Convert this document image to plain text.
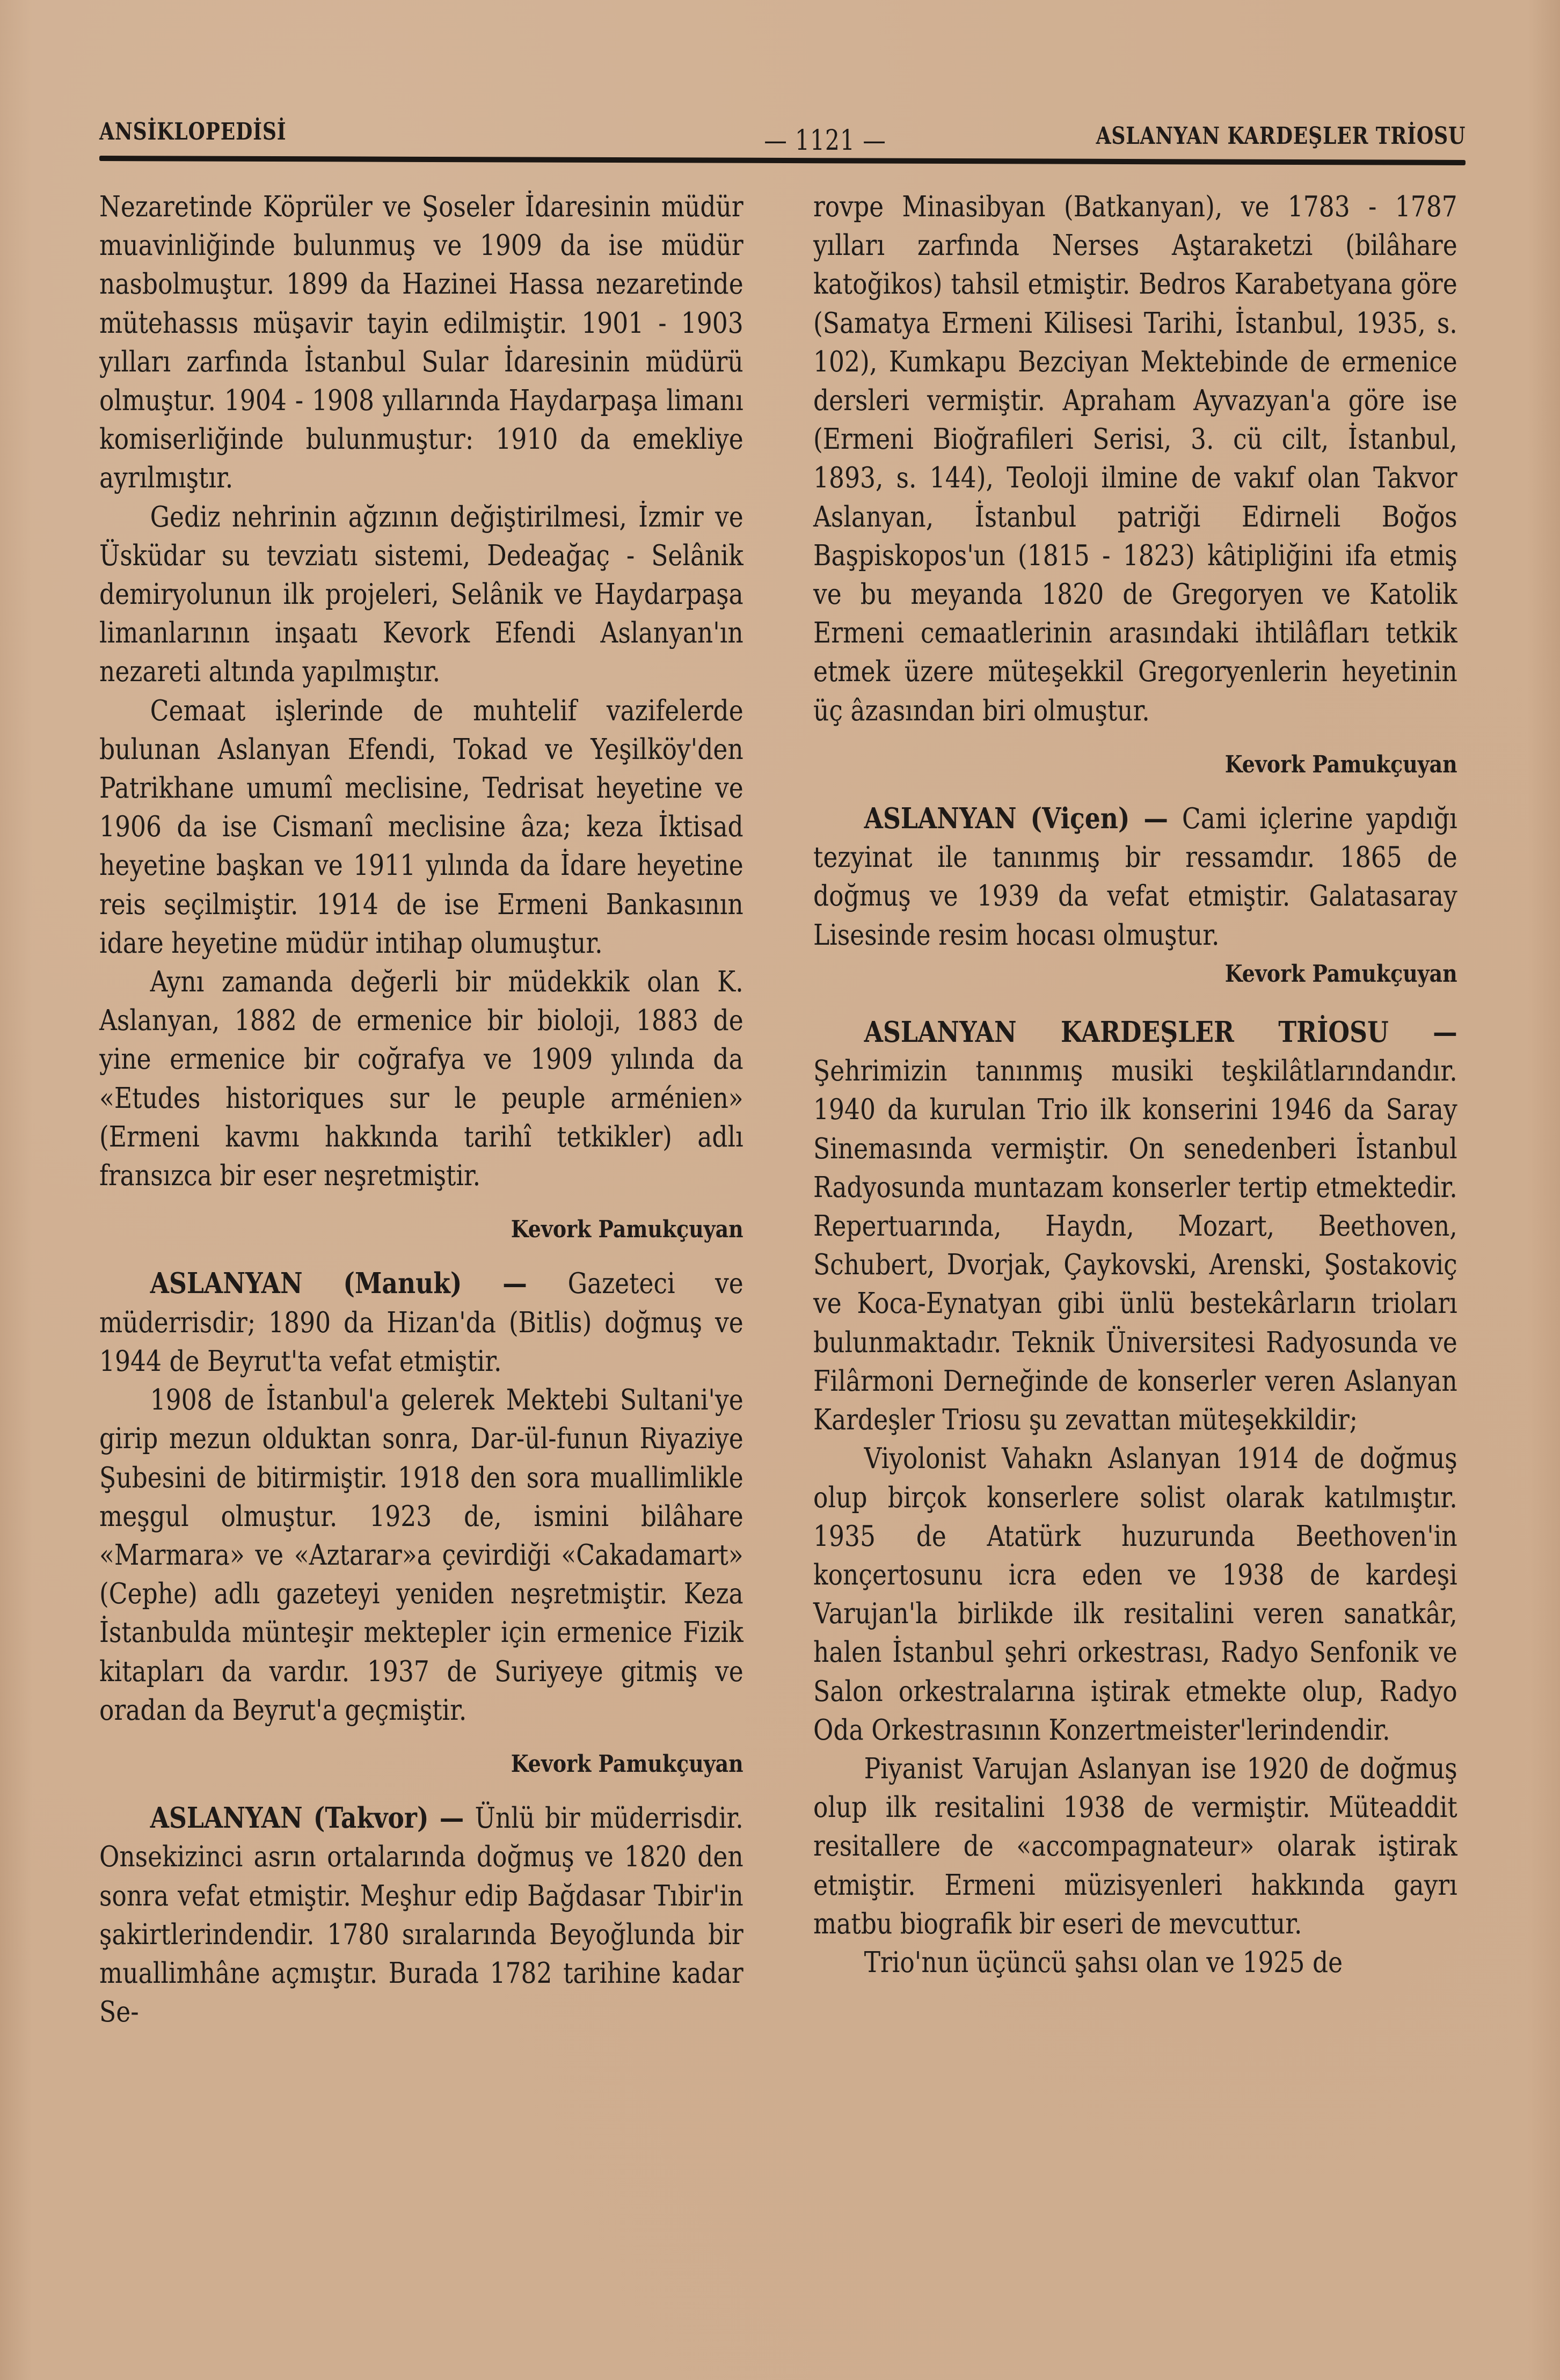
ANSİKLOPEDİSİ	— 1121 —	ASLANYAN KARDEŞLER TRİOSU

Nezaretinde Köprüler ve Şoseler İdaresinin müdür muavinliğinde bulunmuş ve 1909 da ise müdür nasbolmuştur. 1899 da Hazinei Hassa nezaretinde mütehassıs müşavir tayin edilmiştir. 1901 - 1903 yılları zarfında İstanbul Sular İdaresinin müdürü olmuştur. 1904 - 1908 yıllarında Haydarpaşa limanı komiserliğinde bulunmuştur: 1910 da emekliye ayrılmıştır.

Gediz nehrinin ağzının değiştirilmesi, İzmir ve Üsküdar su tevziatı sistemi, Dedeağaç - Selânik demiryolunun ilk projeleri, Selânik ve Haydarpaşa limanlarının inşaatı Kevork Efendi Aslanyan'ın nezareti altında yapılmıştır.

Cemaat işlerinde de muhtelif vazifelerde bulunan Aslanyan Efendi, Tokad ve Yeşilköy'den Patrikhane umumî meclisine, Tedrisat heyetine ve 1906 da ise Cismanî meclisine âza; keza İktisad heyetine başkan ve 1911 yılında da İdare heyetine reis seçilmiştir. 1914 de ise Ermeni Bankasının idare heyetine müdür intihap olumuştur.

Aynı zamanda değerli bir müdekkik olan K. Aslanyan, 1882 de ermenice bir bioloji, 1883 de yine ermenice bir coğrafya ve 1909 yılında da «Etudes historiques sur le peuple arménien» (Ermeni kavmı hakkında tarihî tetkikler) adlı fransızca bir eser neşretmiştir.

Kevork Pamukçuyan

ASLANYAN (Manuk) — Gazeteci ve müderrisdir; 1890 da Hizan'da (Bitlis) doğmuş ve 1944 de Beyrut'ta vefat etmiştir.

1908 de İstanbul'a gelerek Mektebi Sultani'ye girip mezun olduktan sonra, Dar-ül-funun Riyaziye Şubesini de bitirmiştir. 1918 den sora muallimlikle meşgul olmuştur. 1923 de, ismini bilâhare «Marmara» ve «Aztarar»a çevirdiği «Cakadamart» (Cephe) adlı gazeteyi yeniden neşretmiştir. Keza İstanbulda münteşir mektepler için ermenice Fizik kitapları da vardır. 1937 de Suriyeye gitmiş ve oradan da Beyrut'a geçmiştir.

Kevork Pamukçuyan

ASLANYAN (Takvor) — Ünlü bir müderrisdir. Onsekizinci asrın ortalarında doğmuş ve 1820 den sonra vefat etmiştir. Meşhur edip Bağdasar Tıbir'in şakirtlerindendir. 1780 sıralarında Beyoğlunda bir muallimhâne açmıştır. Burada 1782 tarihine kadar Se-

rovpe Minasibyan (Batkanyan), ve 1783 - 1787 yılları zarfında Nerses Aştaraketzi (bilâhare katoğikos) tahsil etmiştir. Bedros Karabetyana göre (Samatya Ermeni Kilisesi Tarihi, İstanbul, 1935, s. 102), Kumkapu Bezciyan Mektebinde de ermenice dersleri vermiştir. Apraham Ayvazyan'a göre ise (Ermeni Bioğrafileri Serisi, 3. cü cilt, İstanbul, 1893, s. 144), Teoloji ilmine de vakıf olan Takvor Aslanyan, İstanbul patriği Edirneli Boğos Başpiskopos'un (1815 - 1823) kâtipliğini ifa etmiş ve bu meyanda 1820 de Gregoryen ve Katolik Ermeni cemaatlerinin arasındaki ihtilâfları tetkik etmek üzere müteşekkil Gregoryenlerin heyetinin üç âzasından biri olmuştur.

Kevork Pamukçuyan

ASLANYAN (Viçen) — Cami içlerine yapdığı tezyinat ile tanınmış bir ressamdır. 1865 de doğmuş ve 1939 da vefat etmiştir. Galatasaray Lisesinde resim hocası olmuştur.

Kevork Pamukçuyan

ASLANYAN KARDEŞLER TRİOSU — Şehrimizin tanınmış musiki teşkilâtlarındandır. 1940 da kurulan Trio ilk konserini 1946 da Saray Sinemasında vermiştir. On senedenberi İstanbul Radyosunda muntazam konserler tertip etmektedir. Repertuarında, Haydn, Mozart, Beethoven, Schubert, Dvorjak, Çaykovski, Arenski, Şostakoviç ve Koca-Eynatyan gibi ünlü bestekârların trioları bulunmaktadır. Teknik Üniversitesi Radyosunda ve Filârmoni Derneğinde de konserler veren Aslanyan Kardeşler Triosu şu zevattan müteşekkildir;

Viyolonist Vahakn Aslanyan 1914 de doğmuş olup birçok konserlere solist olarak katılmıştır. 1935 de Atatürk huzurunda Beethoven'in konçertosunu icra eden ve 1938 de kardeşi Varujan'la birlikde ilk resitalini veren sanatkâr, halen İstanbul şehri orkestrası, Radyo Senfonik ve Salon orkestralarına iştirak etmekte olup, Radyo Oda Orkestrasının Konzertmeister'lerindendir.

Piyanist Varujan Aslanyan ise 1920 de doğmuş olup ilk resitalini 1938 de vermiştir. Müteaddit resitallere de «accompagnateur» olarak iştirak etmiştir. Ermeni müzisyenleri hakkında gayrı matbu biografik bir eseri de mevcuttur.

Trio'nun üçüncü şahsı olan ve 1925 de
